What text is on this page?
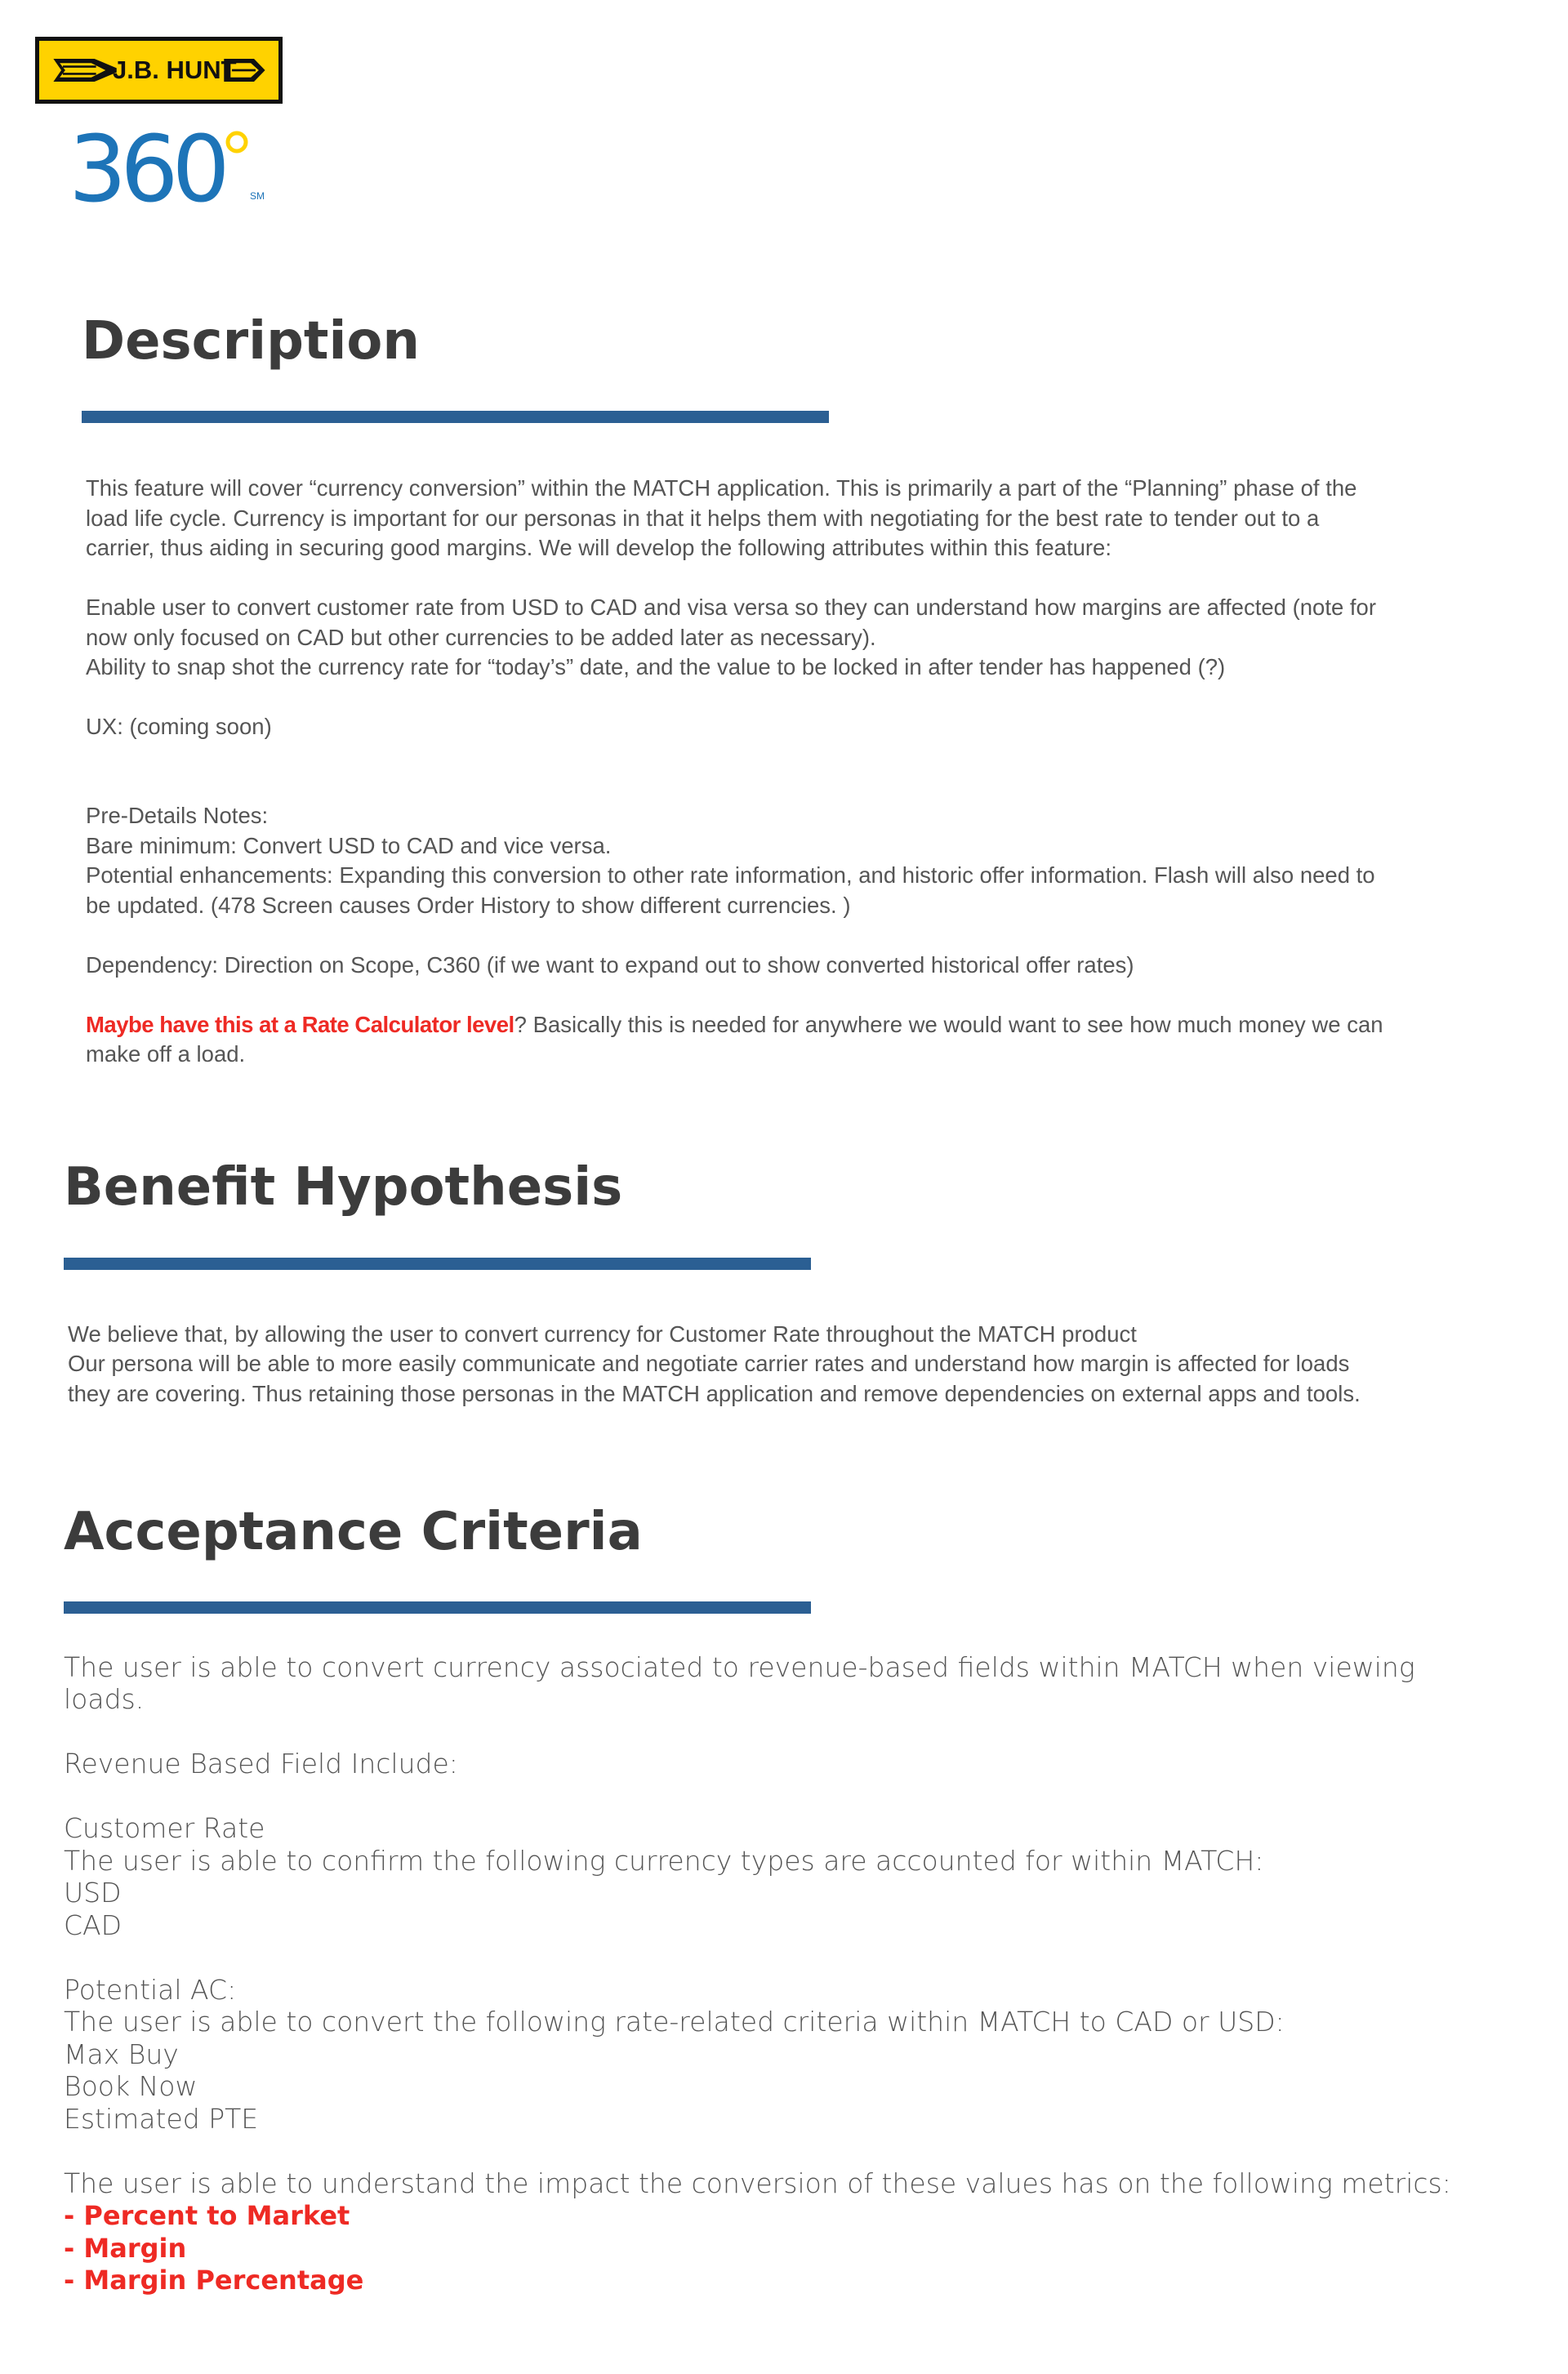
J.B. HUNT
360	SM
Description

This feature will cover “currency conversion” within the MATCH application. This is primarily a part of the “Planning” phase of the

load life cycle. Currency is important for our personas in that it helps them with negotiating for the best rate to tender out to a

carrier, thus aiding in securing good margins. We will develop the following attributes within this feature:

Enable user to convert customer rate from USD to CAD and visa versa so they can understand how margins are affected (note for

now only focused on CAD but other currencies to be added later as necessary).

Ability to snap shot the currency rate for “today’s” date, and the value to be locked in after tender has happened (?)

UX: (coming soon)

Pre-Details Notes:

Bare minimum: Convert USD to CAD and vice versa.

Potential enhancements: Expanding this conversion to other rate information, and historic offer information. Flash will also need to

be updated. (478 Screen causes Order History to show different currencies. )

Dependency: Direction on Scope, C360 (if we want to expand out to show converted historical offer rates)

Maybe have this at a Rate Calculator level? Basically this is needed for anywhere we would want to see how much money we can

make off a load.

Benefit Hypothesis

We believe that, by allowing the user to convert currency for Customer Rate throughout the MATCH product

Our persona will be able to more easily communicate and negotiate carrier rates and understand how margin is affected for loads

they are covering. Thus retaining those personas in the MATCH application and remove dependencies on external apps and tools.

Acceptance Criteria

The user is able to convert currency associated to revenue-based fields within MATCH when viewing

loads.

Revenue Based Field Include:

Customer Rate

The user is able to confirm the following currency types are accounted for within MATCH:

USD

CAD

Potential AC:

The user is able to convert the following rate-related criteria within MATCH to CAD or USD:

Max Buy

Book Now

Estimated PTE

The user is able to understand the impact the conversion of these values has on the following metrics:

- Percent to Market

- Margin

- Margin Percentage
